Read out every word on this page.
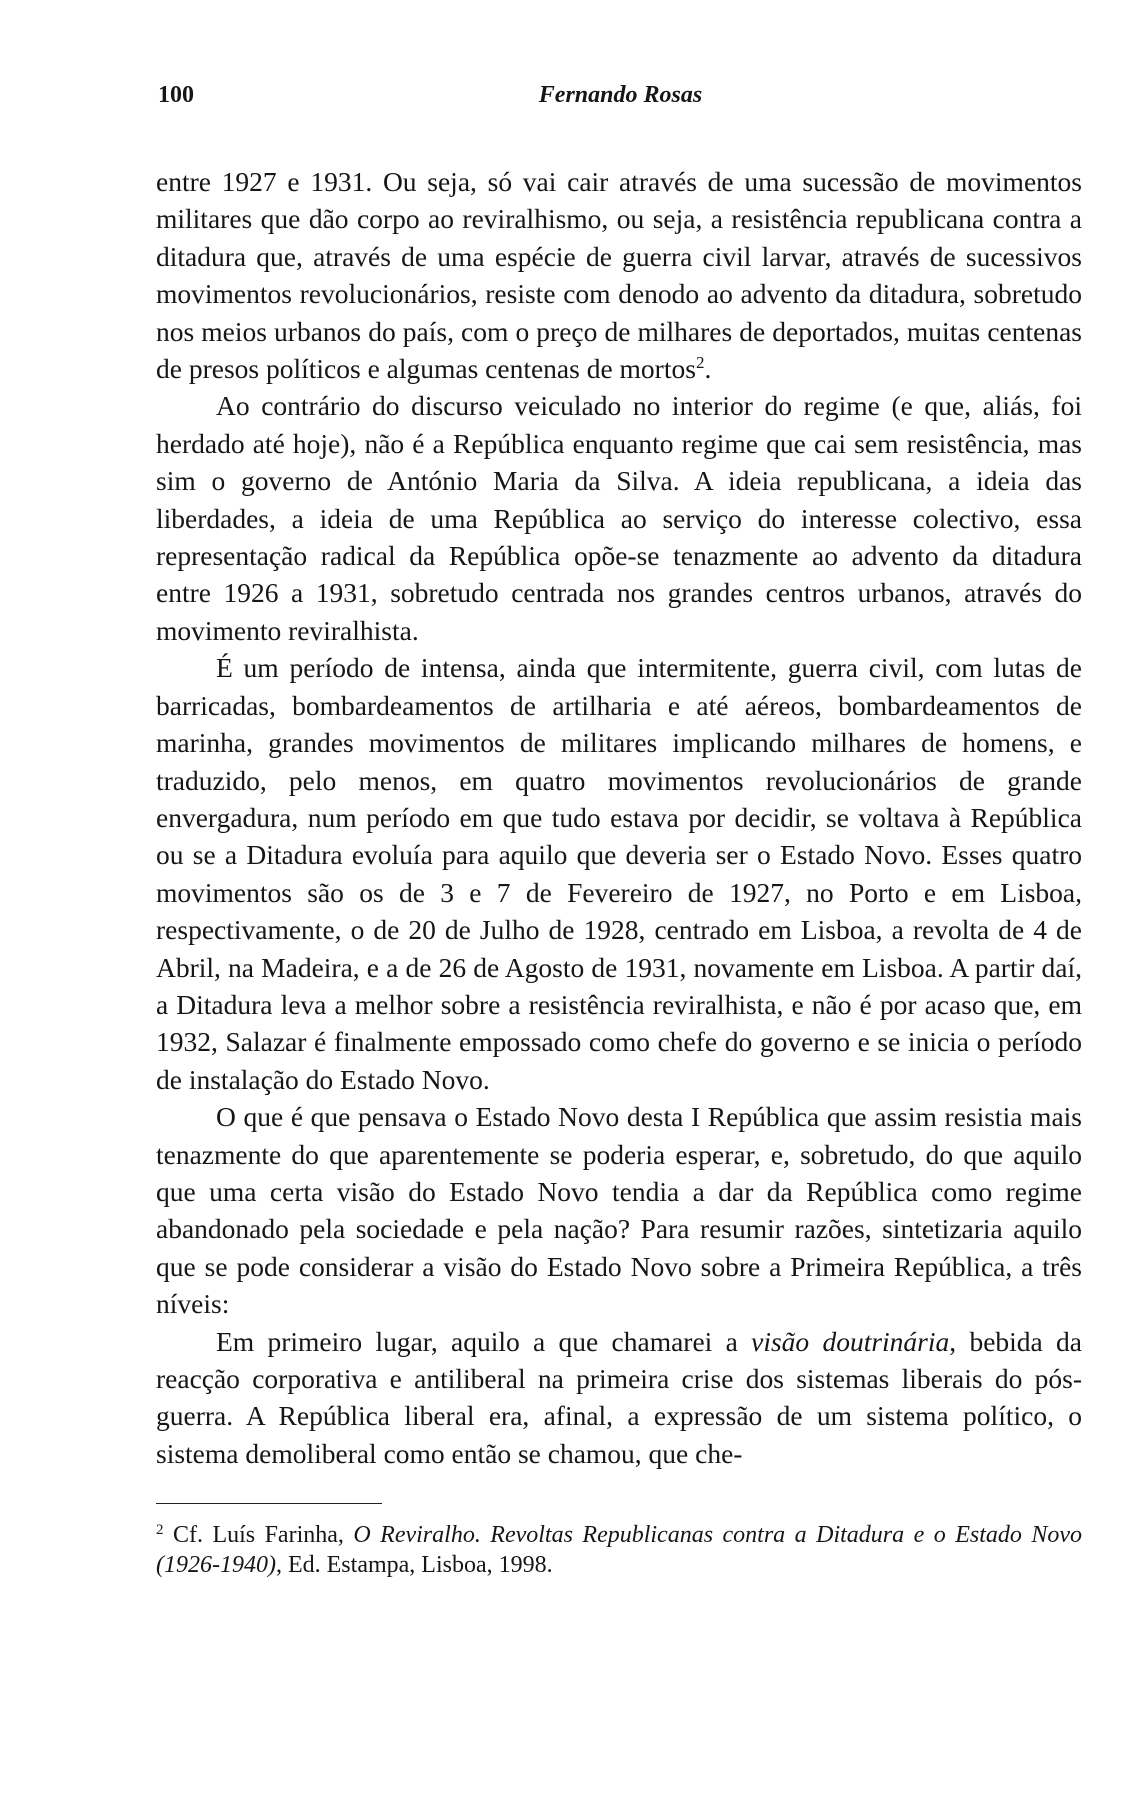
100	Fernando Rosas

entre 1927 e 1931. Ou seja, só vai cair através de uma sucessão de movimentos militares que dão corpo ao reviralhismo, ou seja, a resistência republicana contra a ditadura que, através de uma espécie de guerra civil larvar, através de sucessivos movimentos revolucionários, resiste com denodo ao advento da ditadura, sobretudo nos meios urbanos do país, com o preço de milhares de deportados, muitas centenas de presos políticos e algumas centenas de mortos$^2$.

Ao contrário do discurso veiculado no interior do regime (e que, aliás, foi herdado até hoje), não é a República enquanto regime que cai sem resistência, mas sim o governo de António Maria da Silva. A ideia republicana, a ideia das liberdades, a ideia de uma República ao serviço do interesse colectivo, essa representação radical da República opõe-se tenazmente ao advento da ditadura entre 1926 a 1931, sobretudo centrada nos grandes centros urbanos, através do movimento reviralhista.

É um período de intensa, ainda que intermitente, guerra civil, com lutas de barricadas, bombardeamentos de artilharia e até aéreos, bombardeamentos de marinha, grandes movimentos de militares implicando milhares de homens, e traduzido, pelo menos, em quatro movimentos revolucionários de grande envergadura, num período em que tudo estava por decidir, se voltava à República ou se a Ditadura evoluía para aquilo que deveria ser o Estado Novo. Esses quatro movimentos são os de 3 e 7 de Fevereiro de 1927, no Porto e em Lisboa, respectivamente, o de 20 de Julho de 1928, centrado em Lisboa, a revolta de 4 de Abril, na Madeira, e a de 26 de Agosto de 1931, novamente em Lisboa. A partir daí, a Ditadura leva a melhor sobre a resistência reviralhista, e não é por acaso que, em 1932, Salazar é finalmente empossado como chefe do governo e se inicia o período de instalação do Estado Novo.

O que é que pensava o Estado Novo desta I República que assim resistia mais tenazmente do que aparentemente se poderia esperar, e, sobretudo, do que aquilo que uma certa visão do Estado Novo tendia a dar da República como regime abandonado pela sociedade e pela nação? Para resumir razões, sintetizaria aquilo que se pode considerar a visão do Estado Novo sobre a Primeira República, a três níveis:

Em primeiro lugar, aquilo a que chamarei a visão doutrinária, bebida da reacção corporativa e antiliberal na primeira crise dos sistemas liberais do pós-guerra. A República liberal era, afinal, a expressão de um sistema político, o sistema demoliberal como então se chamou, que che-

$^2$ Cf. Luís Farinha, O Reviralho. Revoltas Republicanas contra a Ditadura e o Estado Novo (1926-1940), Ed. Estampa, Lisboa, 1998.
